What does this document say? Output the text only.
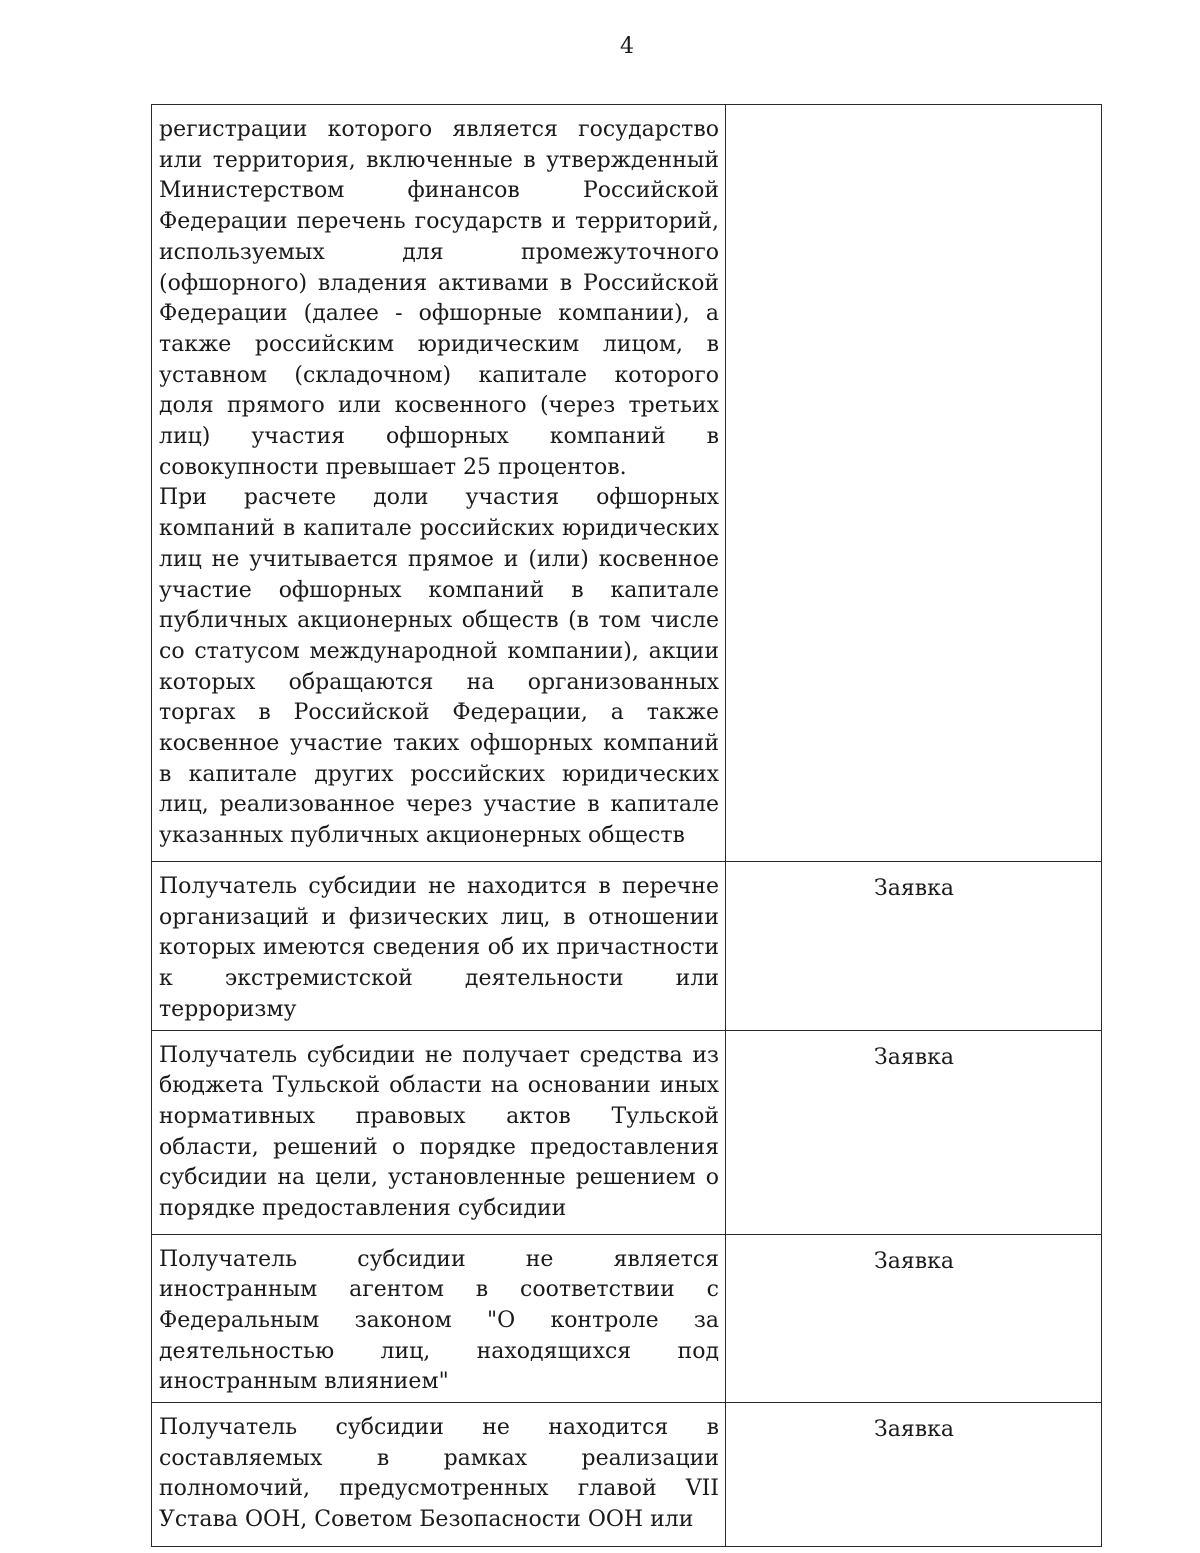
4
регистрации которого является государство или территория, включенные в утвержденный Министерством финансов Российской Федерации перечень государств и территорий, используемых для промежуточного (офшорного) владения активами в Российской Федерации (далее - офшорные компании), а также российским юридическим лицом, в уставном (складочном) капитале которого доля прямого или косвенного (через третьих лиц) участия офшорных компаний в совокупности превышает 25 процентов.
При расчете доли участия офшорных компаний в капитале российских юридических лиц не учитывается прямое и (или) косвенное участие офшорных компаний в капитале публичных акционерных обществ (в том числе со статусом международной компании), акции которых обращаются на организованных торгах в Российской Федерации, а также косвенное участие таких офшорных компаний в капитале других российских юридических лиц, реализованное через участие в капитале указанных публичных акционерных обществ	

Получатель субсидии не находится в перечне организаций и физических лиц, в отношении которых имеются сведения об их причастности к экстремистской деятельности или терроризму	Заявка
Получатель субсидии не получает средства из бюджета Тульской области на основании иных нормативных правовых актов Тульской области, решений о порядке предоставления субсидии на цели, установленные решением о порядке предоставления субсидии	Заявка
Получатель субсидии не является иностранным агентом в соответствии с Федеральным законом "О контроле за деятельностью лиц, находящихся под иностранным влиянием"	Заявка
Получатель субсидии не находится в составляемых в рамках реализации полномочий, предусмотренных главой VII Устава ООН, Советом Безопасности ООН или	Заявка
